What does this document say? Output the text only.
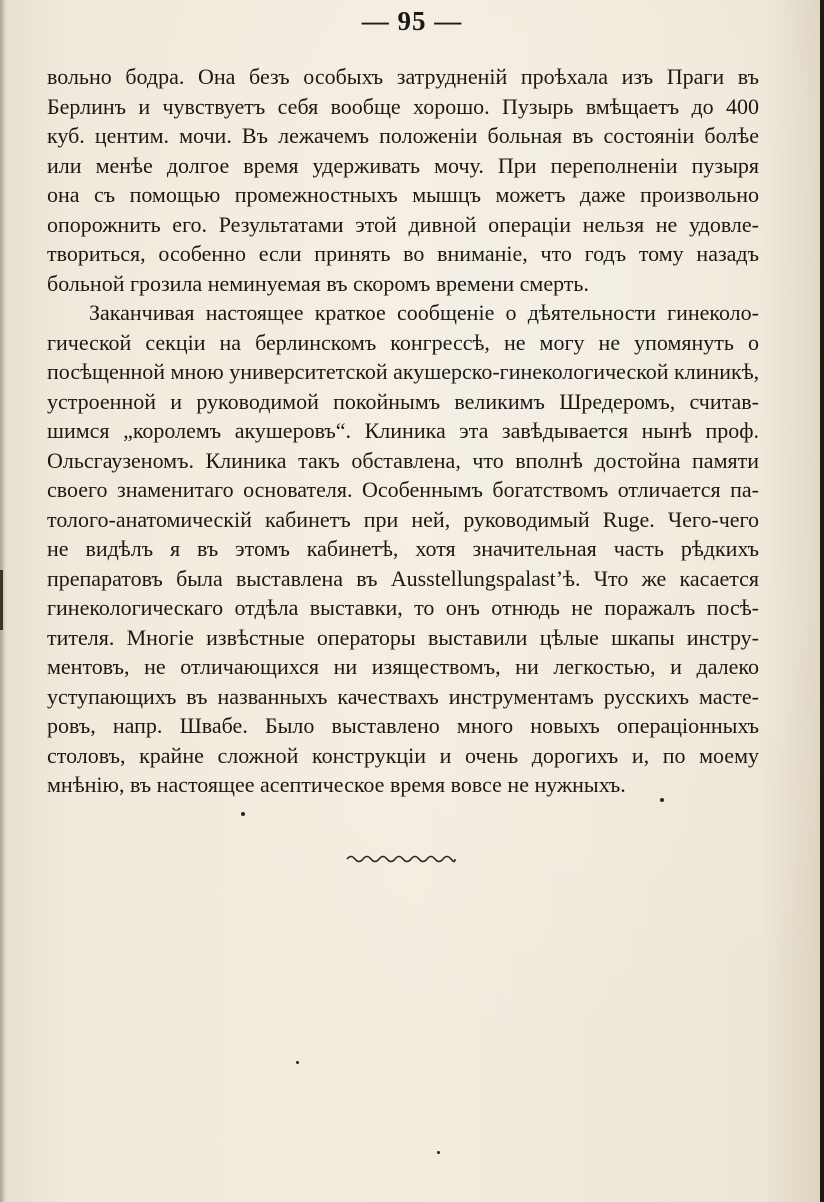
— 95 —
вольно бодра. Она безъ особыхъ затрудненій проѣхала изъ Праги въ
Берлинъ и чувствуетъ себя вообще хорошо. Пузырь вмѣщаетъ до 400
куб. центим. мочи. Въ лежачемъ положеніи больная въ состояніи болѣе
или менѣе долгое время удерживать мочу. При переполненіи пузыря
она съ помощью промежностныхъ мышцъ можетъ даже произвольно
опорожнить его. Результатами этой дивной операціи нельзя не удовле-
твориться, особенно если принять во вниманіе, что годъ тому назадъ
больной грозила неминуемая въ скоромъ времени смерть.
Заканчивая настоящее краткое сообщеніе о дѣятельности гинеколо-
гической секціи на берлинскомъ конгрессѣ, не могу не упомянуть о
посѣщенной мною университетской акушерско-гинекологической клиникѣ,
устроенной и руководимой покойнымъ великимъ Шредеромъ, считав-
шимся „королемъ акушеровъ“. Клиника эта завѣдывается нынѣ проф.
Ольсгаузеномъ. Клиника такъ обставлена, что вполнѣ достойна памяти
своего знаменитаго основателя. Особеннымъ богатствомъ отличается па-
толого-анатомическій кабинетъ при ней, руководимый Ruge. Чего-чего
не видѣлъ я въ этомъ кабинетѣ, хотя значительная часть рѣдкихъ
препаратовъ была выставлена въ Ausstellungspalast’ѣ. Что же касается
гинекологическаго отдѣла выставки, то онъ отнюдь не поражалъ посѣ-
тителя. Многіе извѣстные операторы выставили цѣлые шкапы инстру-
ментовъ, не отличающихся ни изяществомъ, ни легкостью, и далеко
уступающихъ въ названныхъ качествахъ инструментамъ русскихъ масте-
ровъ, напр. Швабе. Было выставлено много новыхъ операціонныхъ
столовъ, крайне сложной конструкціи и очень дорогихъ и, по моему
мнѣнію, въ настоящее асептическое время вовсе не нужныхъ.
